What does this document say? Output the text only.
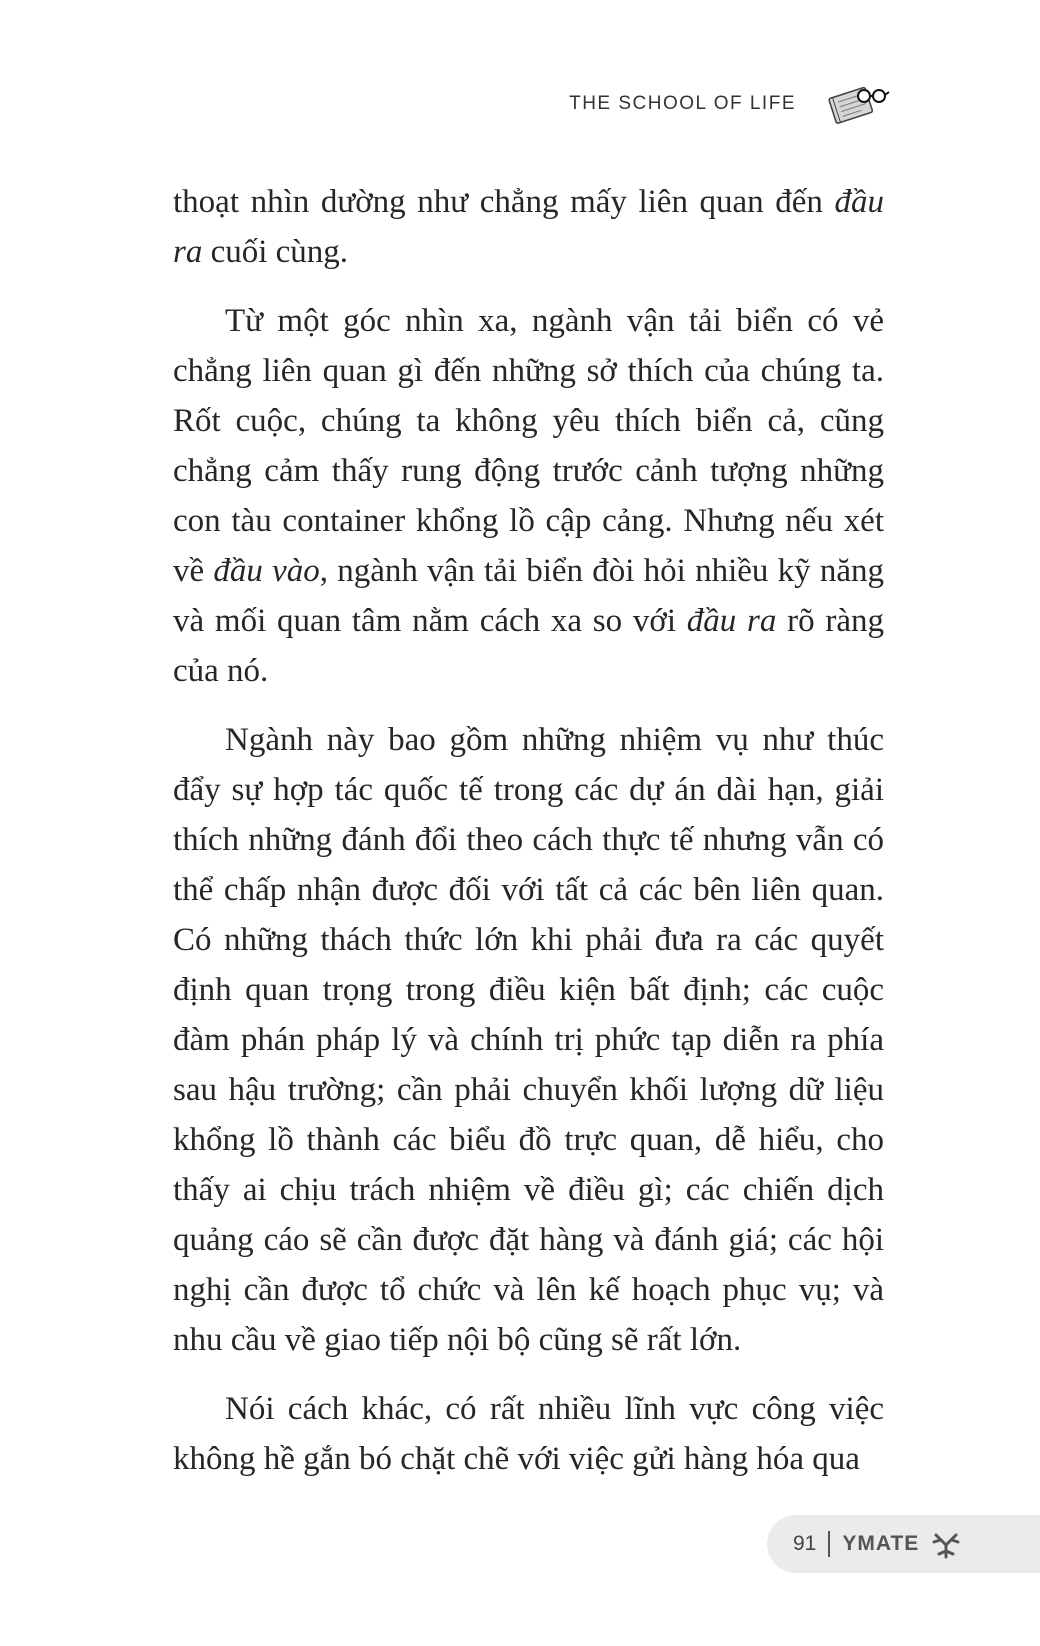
THE SCHOOL OF LIFE

thoạt nhìn dường như chẳng mấy liên quan đến đầu ra cuối cùng.

Từ một góc nhìn xa, ngành vận tải biển có vẻ chẳng liên quan gì đến những sở thích của chúng ta. Rốt cuộc, chúng ta không yêu thích biển cả, cũng chẳng cảm thấy rung động trước cảnh tượng những con tàu container khổng lồ cập cảng. Nhưng nếu xét về đầu vào, ngành vận tải biển đòi hỏi nhiều kỹ năng và mối quan tâm nằm cách xa so với đầu ra rõ ràng của nó.

Ngành này bao gồm những nhiệm vụ như thúc đẩy sự hợp tác quốc tế trong các dự án dài hạn, giải thích những đánh đổi theo cách thực tế nhưng vẫn có thể chấp nhận được đối với tất cả các bên liên quan. Có những thách thức lớn khi phải đưa ra các quyết định quan trọng trong điều kiện bất định; các cuộc đàm phán pháp lý và chính trị phức tạp diễn ra phía sau hậu trường; cần phải chuyển khối lượng dữ liệu khổng lồ thành các biểu đồ trực quan, dễ hiểu, cho thấy ai chịu trách nhiệm về điều gì; các chiến dịch quảng cáo sẽ cần được đặt hàng và đánh giá; các hội nghị cần được tổ chức và lên kế hoạch phục vụ; và nhu cầu về giao tiếp nội bộ cũng sẽ rất lớn.

Nói cách khác, có rất nhiều lĩnh vực công việc không hề gắn bó chặt chẽ với việc gửi hàng hóa qua

91 YMATE
